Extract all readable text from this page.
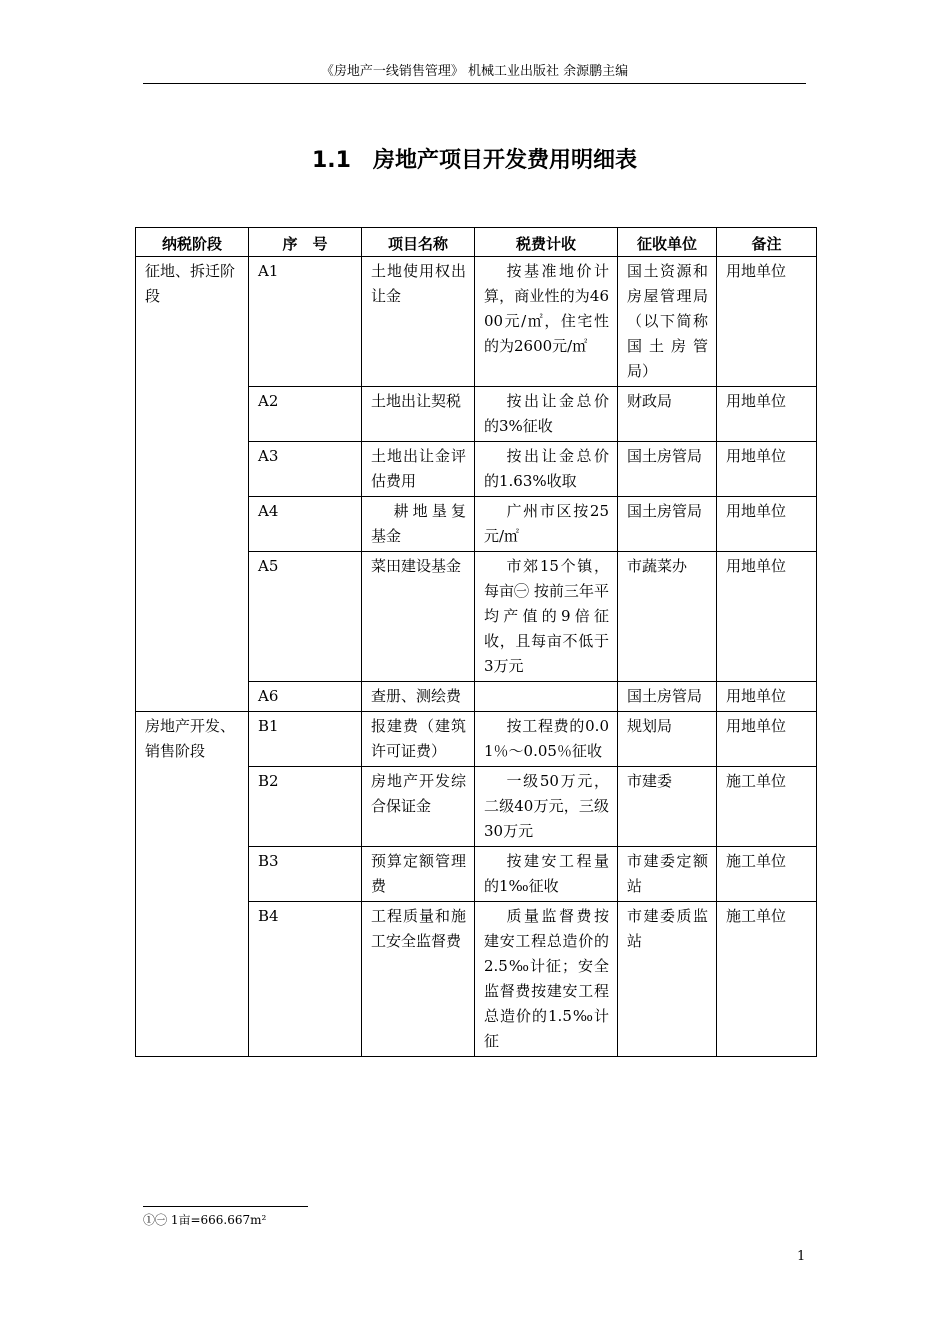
《房地产一线销售管理》 机械工业出版社 余源鹏主编
1.1　房地产项目开发费用明细表
纳税阶段	序　号	项目名称	税费计收	征收单位	备注
征地、拆迁阶段	A1	土地使用权出让金	按基准地价计算，商业性的为4600元/㎡，住宅性的为2600元/㎡	国土资源和房屋管理局（以下简称国土房管局）	用地单位
	A2	土地出让契税	按出让金总价的3%征收	财政局	用地单位
	A3	土地出让金评估费用	按出让金总价的1.63%收取	国土房管局	用地单位
	A4	耕地垦复基金	广州市区按25元/㎡	国土房管局	用地单位
	A5	菜田建设基金	市郊15个镇，每亩㊀ 按前三年平均产值的9倍征收，且每亩不低于3万元	市蔬菜办	用地单位
	A6	查册、测绘费		国土房管局	用地单位
房地产开发、销售阶段	B1	报建费（建筑许可证费）	按工程费的0.01％～0.05％征收	规划局	用地单位
	B2	房地产开发综合保证金	一级50万元，二级40万元，三级30万元	市建委	施工单位
	B3	预算定额管理费	按建安工程量的1‰征收	市建委定额站	施工单位
	B4	工程质量和施工安全监督费	质量监督费按建安工程总造价的2.5‰计征；安全监督费按建安工程总造价的1.5‰计征	市建委质监站	施工单位
①㊀ 1亩=666.667m²
1
